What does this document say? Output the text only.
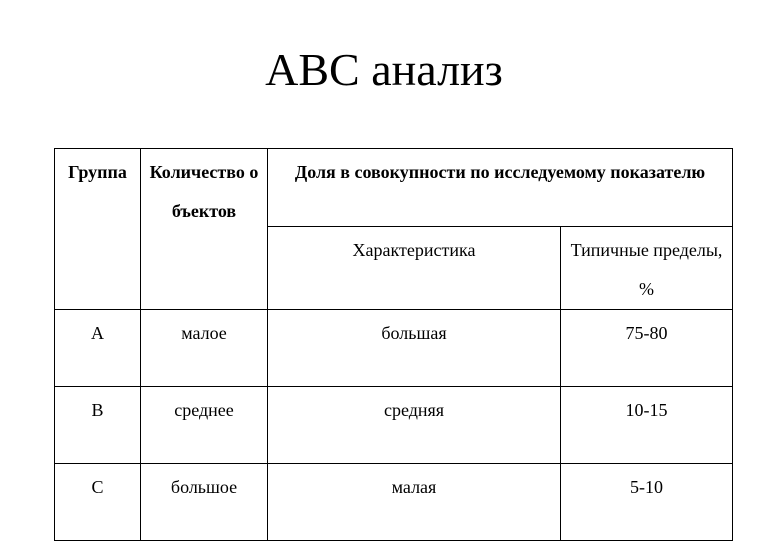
ABC анализ
Группа	Количество объектов	Доля в совокупности по исследуемому показателю	
		Характеристика	Типичные пределы, %
A	малое	большая	75-80
B	среднее	средняя	10-15
C	большое	малая	5-10
